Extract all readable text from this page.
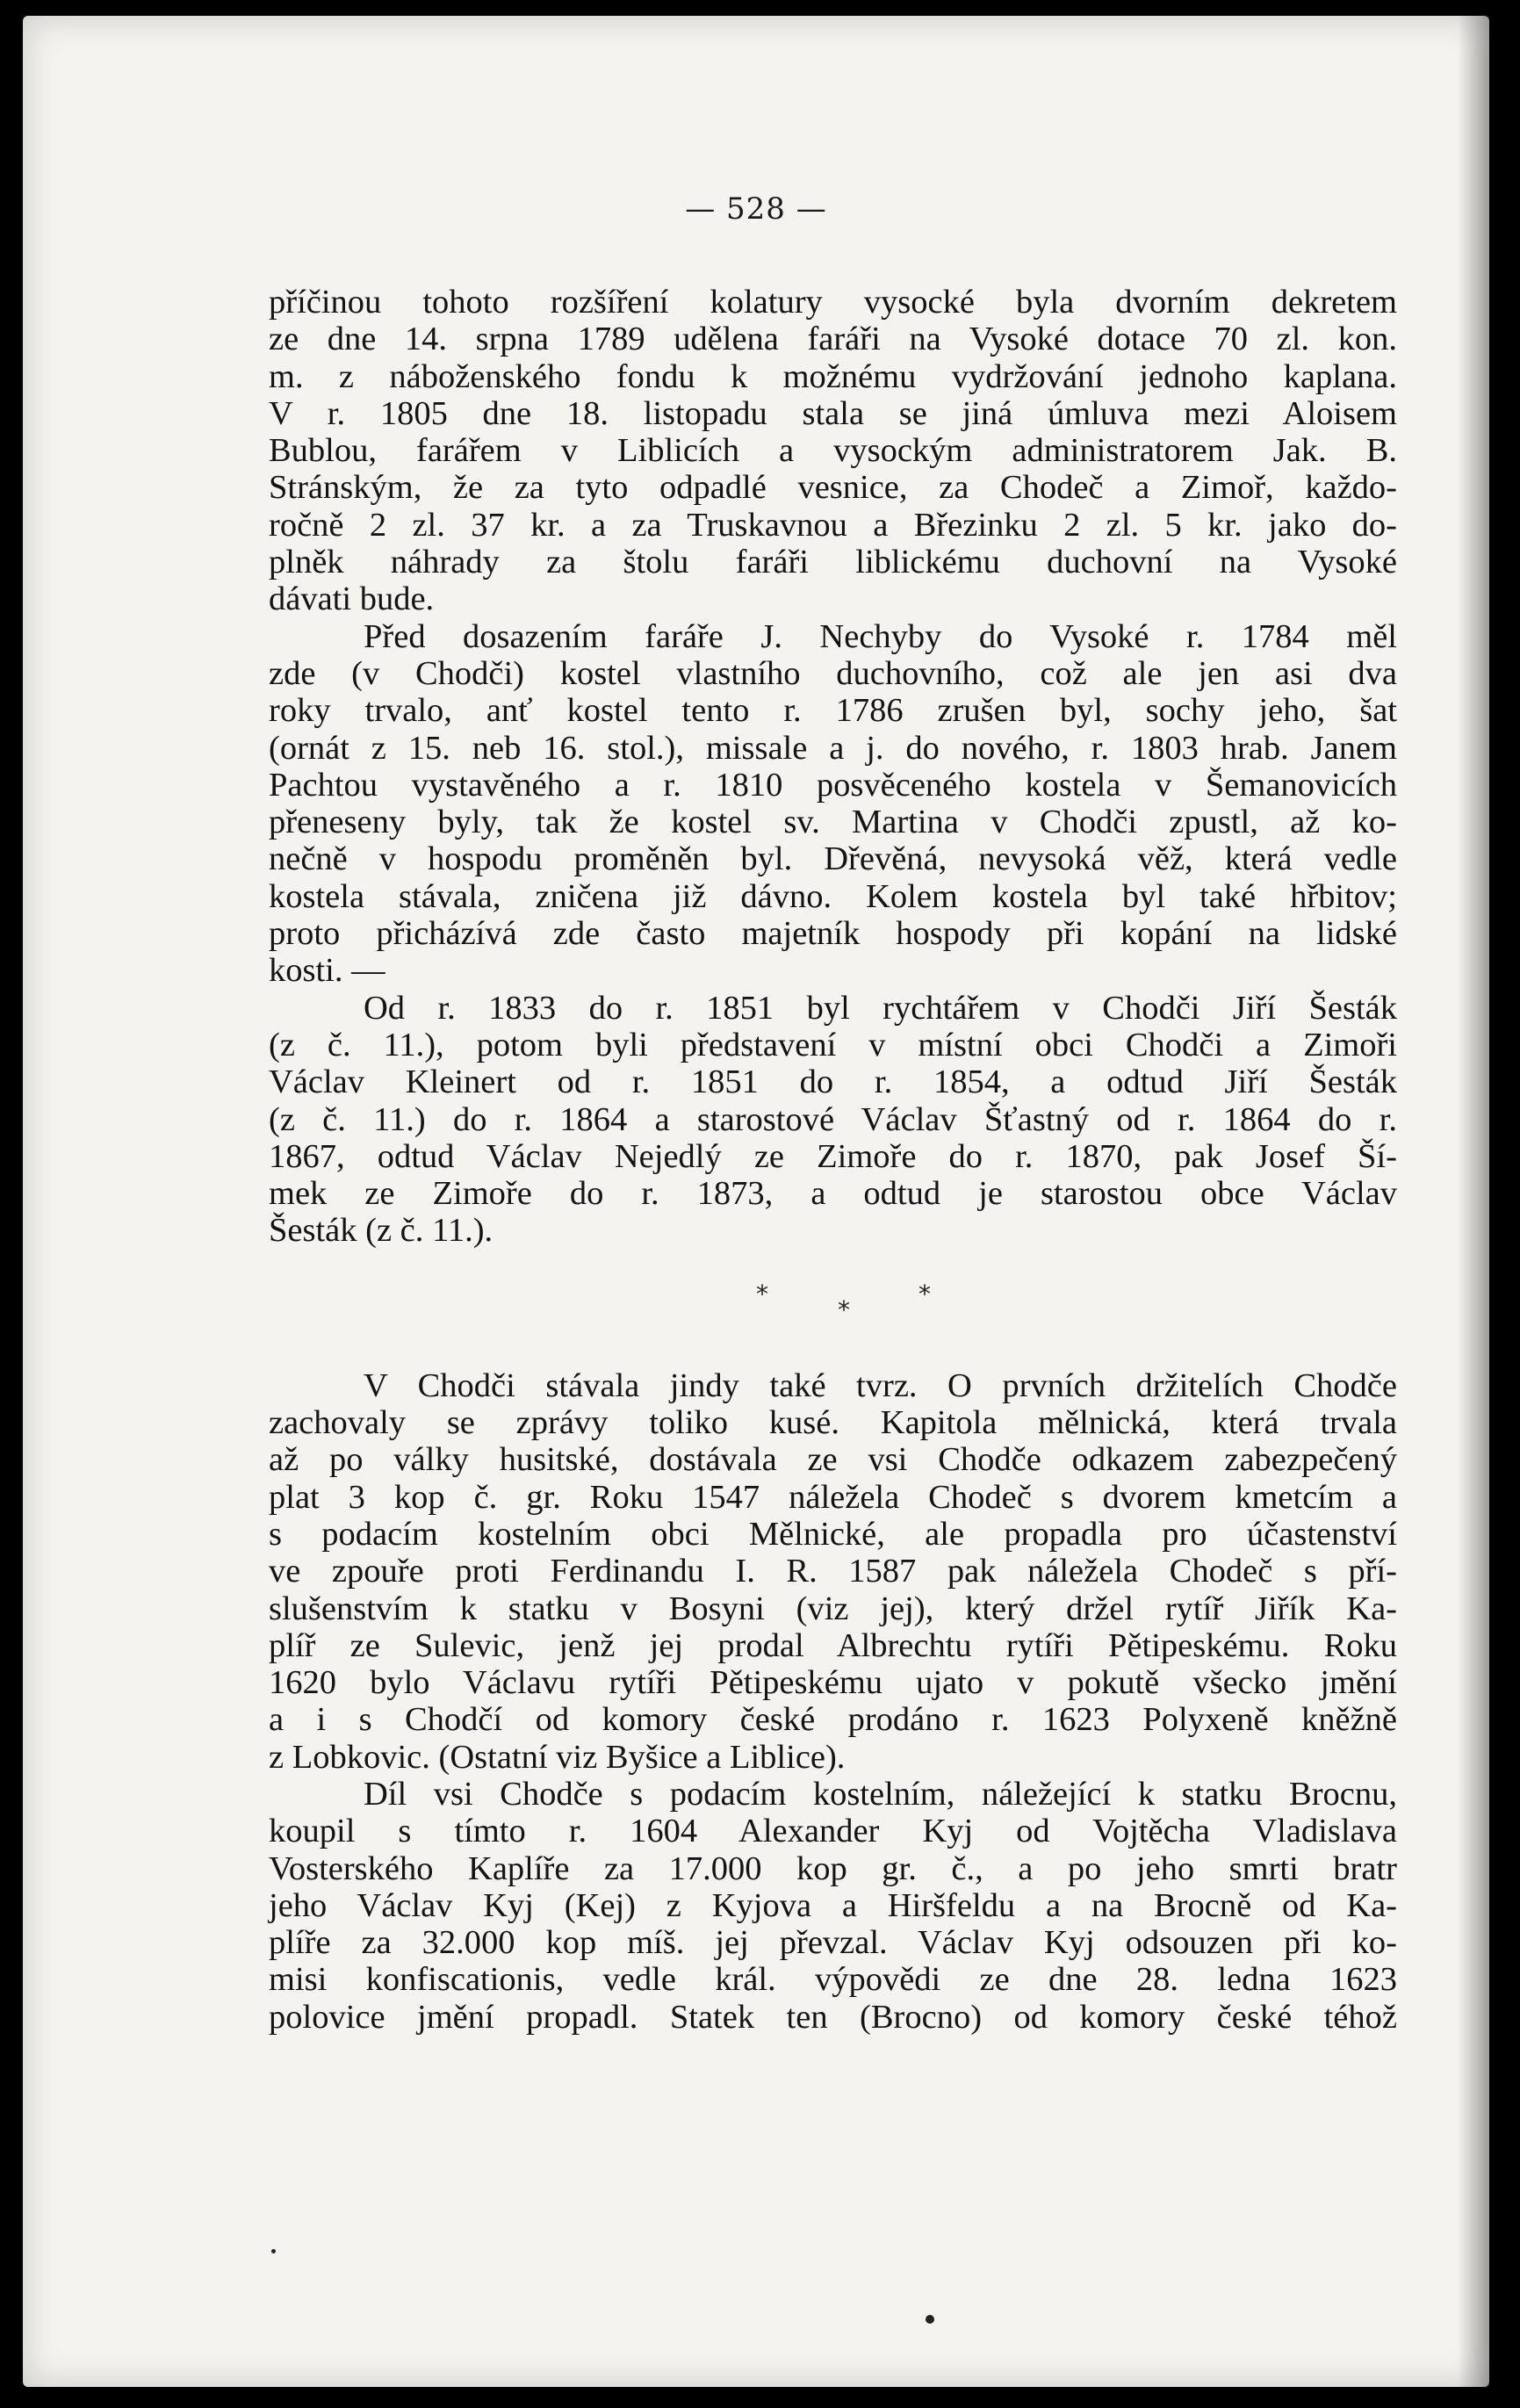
— 528 —
příčinou tohoto rozšíření kolatury vysocké byla dvorním dekretem
ze dne 14. srpna 1789 udělena faráři na Vysoké dotace 70 zl. kon.
m. z náboženského fondu k možnému vydržování jednoho kaplana.
V r. 1805 dne 18. listopadu stala se jiná úmluva mezi Aloisem
Bublou, farářem v Liblicích a vysockým administratorem Jak. B.
Stránským, že za tyto odpadlé vesnice, za Chodeč a Zimoř, každo-
ročně 2 zl. 37 kr. a za Truskavnou a Březinku 2 zl. 5 kr. jako do-
plněk náhrady za štolu faráři liblickému duchovní na Vysoké
dávati bude.
Před dosazením faráře J. Nechyby do Vysoké r. 1784 měl
zde (v Chodči) kostel vlastního duchovního, což ale jen asi dva
roky trvalo, anť kostel tento r. 1786 zrušen byl, sochy jeho, šat
(ornát z 15. neb 16. stol.), missale a j. do nového, r. 1803 hrab. Janem
Pachtou vystavěného a r. 1810 posvěceného kostela v Šemanovicích
přeneseny byly, tak že kostel sv. Martina v Chodči zpustl, až ko-
nečně v hospodu proměněn byl. Dřevěná, nevysoká věž, která vedle
kostela stávala, zničena již dávno. Kolem kostela byl také hřbitov;
proto přicházívá zde často majetník hospody při kopání na lidské
kosti. —
Od r. 1833 do r. 1851 byl rychtářem v Chodči Jiří Šesták
(z č. 11.), potom byli představení v místní obci Chodči a Zimoři
Václav Kleinert od r. 1851 do r. 1854, a odtud Jiří Šesták
(z č. 11.) do r. 1864 a starostové Václav Šťastný od r. 1864 do r.
1867, odtud Václav Nejedlý ze Zimoře do r. 1870, pak Josef Ší-
mek ze Zimoře do r. 1873, a odtud je starostou obce Václav
Šesták (z č. 11.).
*
*
*
V Chodči stávala jindy také tvrz. O prvních držitelích Chodče
zachovaly se zprávy toliko kusé. Kapitola mělnická, která trvala
až po války husitské, dostávala ze vsi Chodče odkazem zabezpečený
plat 3 kop č. gr. Roku 1547 náležela Chodeč s dvorem kmetcím a
s podacím kostelním obci Mělnické, ale propadla pro účastenství
ve zpouře proti Ferdinandu I. R. 1587 pak náležela Chodeč s pří-
slušenstvím k statku v Bosyni (viz jej), který držel rytíř Jiřík Ka-
plíř ze Sulevic, jenž jej prodal Albrechtu rytíři Pětipeskému. Roku
1620 bylo Václavu rytíři Pětipeskému ujato v pokutě všecko jmění
a i s Chodčí od komory české prodáno r. 1623 Polyxeně kněžně
z Lobkovic. (Ostatní viz Byšice a Liblice).
Díl vsi Chodče s podacím kostelním, náležející k statku Brocnu,
koupil s tímto r. 1604 Alexander Kyj od Vojtěcha Vladislava
Vosterského Kaplíře za 17.000 kop gr. č., a po jeho smrti bratr
jeho Václav Kyj (Kej) z Kyjova a Hiršfeldu a na Brocně od Ka-
plíře za 32.000 kop míš. jej převzal. Václav Kyj odsouzen při ko-
misi konfiscationis, vedle král. výpovědi ze dne 28. ledna 1623
polovice jmění propadl. Statek ten (Brocno) od komory české téhož
